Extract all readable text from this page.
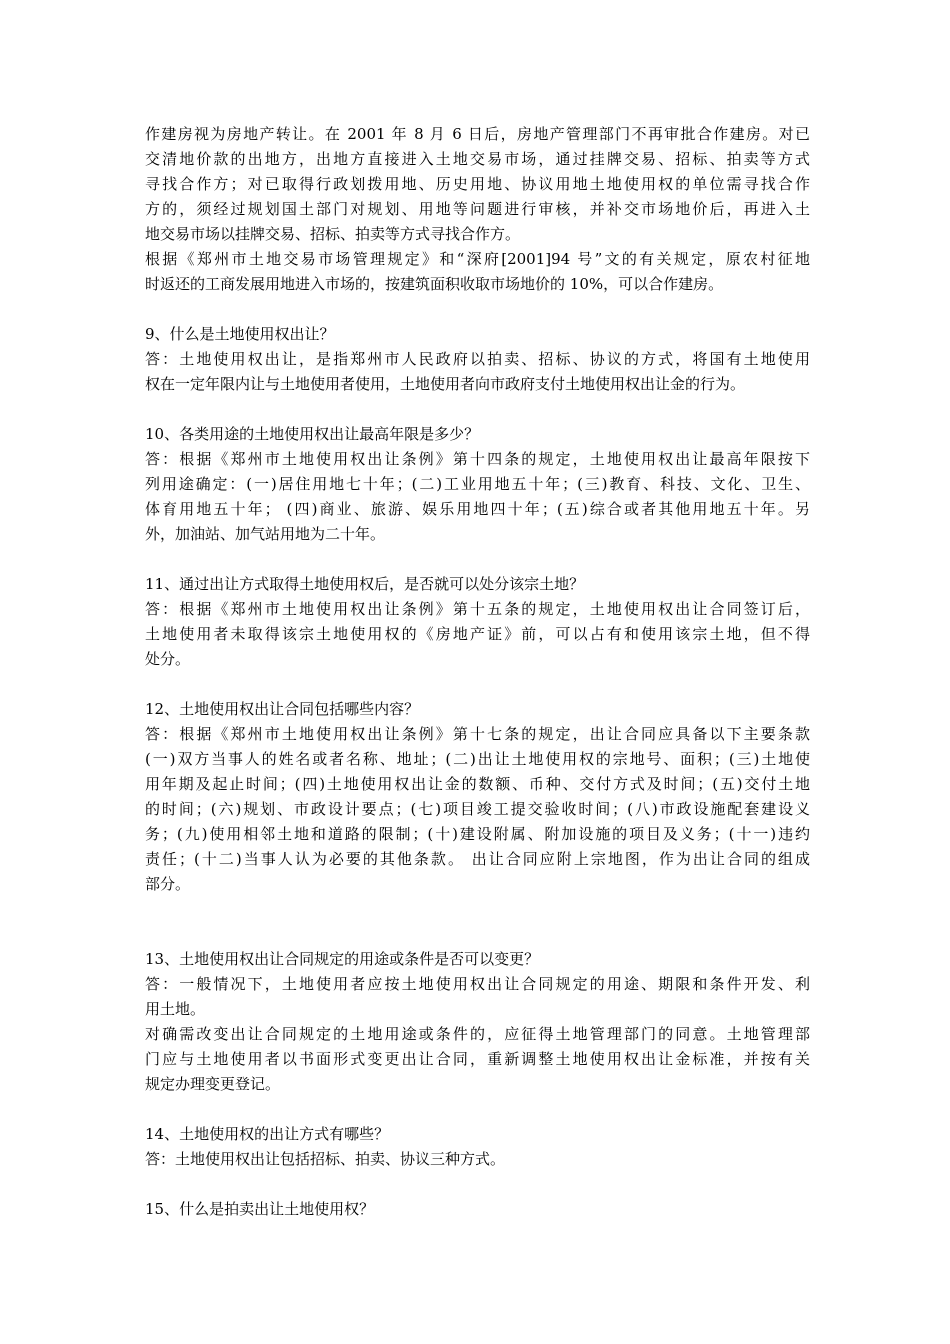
作建房视为房地产转让。在 2001 年 8 月 6 日后，房地产管理部门不再审批合作建房。对已
交清地价款的出地方，出地方直接进入土地交易市场，通过挂牌交易、招标、拍卖等方式
寻找合作方；对已取得行政划拨用地、历史用地、协议用地土地使用权的单位需寻找合作
方的，须经过规划国土部门对规划、用地等问题进行审核，并补交市场地价后，再进入土
地交易市场以挂牌交易、招标、拍卖等方式寻找合作方。
根据《郑州市土地交易市场管理规定》和“深府[2001]94 号”文的有关规定，原农村征地
时返还的工商发展用地进入市场的，按建筑面积收取市场地价的 10%，可以合作建房。
9、什么是土地使用权出让？
答：土地使用权出让，是指郑州市人民政府以拍卖、招标、协议的方式，将国有土地使用
权在一定年限内让与土地使用者使用，土地使用者向市政府支付土地使用权出让金的行为。
10、各类用途的土地使用权出让最高年限是多少？
答：根据《郑州市土地使用权出让条例》第十四条的规定，土地使用权出让最高年限按下
列用途确定：(一)居住用地七十年；(二)工业用地五十年；(三)教育、科技、文化、卫生、
体育用地五十年； (四)商业、旅游、娱乐用地四十年；(五)综合或者其他用地五十年。另
外，加油站、加气站用地为二十年。
11、通过出让方式取得土地使用权后，是否就可以处分该宗土地？
答：根据《郑州市土地使用权出让条例》第十五条的规定，土地使用权出让合同签订后，
土地使用者未取得该宗土地使用权的《房地产证》前，可以占有和使用该宗土地，但不得
处分。
12、土地使用权出让合同包括哪些内容？
答：根据《郑州市土地使用权出让条例》第十七条的规定，出让合同应具备以下主要条款
(一)双方当事人的姓名或者名称、地址；(二)出让土地使用权的宗地号、面积；(三)土地使
用年期及起止时间；(四)土地使用权出让金的数额、币种、交付方式及时间；(五)交付土地
的时间；(六)规划、市政设计要点；(七)项目竣工提交验收时间；(八)市政设施配套建设义
务；(九)使用相邻土地和道路的限制；(十)建设附属、附加设施的项目及义务；(十一)违约
责任；(十二)当事人认为必要的其他条款。 出让合同应附上宗地图，作为出让合同的组成
部分。
13、土地使用权出让合同规定的用途或条件是否可以变更？
答：一般情况下，土地使用者应按土地使用权出让合同规定的用途、期限和条件开发、利
用土地。
对确需改变出让合同规定的土地用途或条件的，应征得土地管理部门的同意。土地管理部
门应与土地使用者以书面形式变更出让合同，重新调整土地使用权出让金标准，并按有关
规定办理变更登记。
14、土地使用权的出让方式有哪些？
答：土地使用权出让包括招标、拍卖、协议三种方式。
15、什么是拍卖出让土地使用权？
